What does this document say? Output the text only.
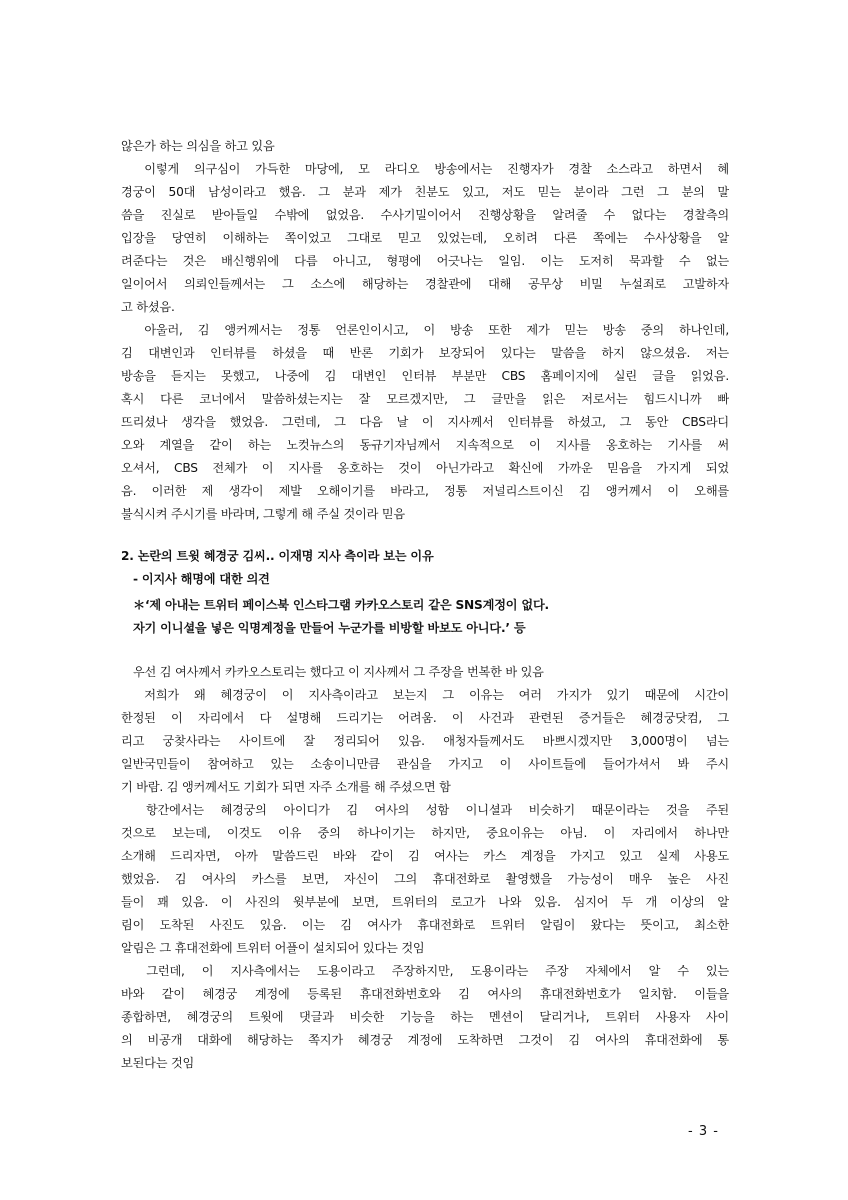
않은가 하는 의심을 하고 있음
　이렇게 의구심이 가득한 마당에, 모 라디오 방송에서는 진행자가 경찰 소스라고 하면서 혜
경궁이 50대 남성이라고 했음. 그 분과 제가 친분도 있고, 저도 믿는 분이라 그런 그 분의 말
씀을 진실로 받아들일 수밖에 없었음. 수사기밀이어서 진행상황을 알려줄 수 없다는 경찰측의
입장을 당연히 이해하는 쪽이었고 그대로 믿고 있었는데, 오히려 다른 쪽에는 수사상황을 알
려준다는 것은 배신행위에 다름 아니고, 형평에 어긋나는 일임. 이는 도저히 묵과할 수 없는
일이어서 의뢰인들께서는 그 소스에 해당하는 경찰관에 대해 공무상 비밀 누설죄로 고발하자
고 하셨음.
　아울러, 김 앵커께서는 정통 언론인이시고, 이 방송 또한 제가 믿는 방송 중의 하나인데,
김 대변인과 인터뷰를 하셨을 때 반론 기회가 보장되어 있다는 말씀을 하지 않으셨음. 저는
방송을 듣지는 못했고, 나중에 김 대변인 인터뷰 부분만 CBS 홈페이지에 실린 글을 읽었음.
혹시 다른 코너에서 말씀하셨는지는 잘 모르겠지만, 그 글만을 읽은 저로서는 힘드시니까 빠
뜨리셨나 생각을 했었음. 그런데, 그 다음 날 이 지사께서 인터뷰를 하셨고, 그 동안 CBS라디
오와 계열을 같이 하는 노컷뉴스의 동규기자님께서 지속적으로 이 지사를 옹호하는 기사를 써
오셔서, CBS 전체가 이 지사를 옹호하는 것이 아닌가라고 확신에 가까운 믿음을 가지게 되었
음. 이러한 제 생각이 제발 오해이기를 바라고, 정통 저널리스트이신 김 앵커께서 이 오해를
불식시켜 주시기를 바라며, 그렇게 해 주실 것이라 믿음
2. 논란의 트윗 혜경궁 김씨.. 이재명 지사 측이라 보는 이유
　- 이지사 해명에 대한 의견
　＊‘제 아내는 트위터 페이스북 인스타그램 카카오스토리 같은 SNS계정이 없다.
　자기 이니셜을 넣은 익명계정을 만들어 누군가를 비방할 바보도 아니다.’ 등
　우선 김 여사께서 카카오스토리는 했다고 이 지사께서 그 주장을 번복한 바 있음
　저희가 왜 혜경궁이 이 지사측이라고 보는지 그 이유는 여러 가지가 있기 때문에 시간이
한정된 이 자리에서 다 설명해 드리기는 어려움. 이 사건과 관련된 증거들은 혜경궁닷컴, 그
리고 궁찾사라는 사이트에 잘 정리되어 있음. 애청자들께서도 바쁘시겠지만 3,000명이 넘는
일반국민들이 참여하고 있는 소송이니만큼 관심을 가지고 이 사이트들에 들어가셔서 봐 주시
기 바람. 김 앵커께서도 기회가 되면 자주 소개를 해 주셨으면 함
　항간에서는 혜경궁의 아이디가 김 여사의 성함 이니셜과 비슷하기 때문이라는 것을 주된
것으로 보는데, 이것도 이유 중의 하나이기는 하지만, 중요이유는 아님. 이 자리에서 하나만
소개해 드리자면, 아까 말씀드린 바와 같이 김 여사는 카스 계정을 가지고 있고 실제 사용도
했었음. 김 여사의 카스를 보면, 자신이 그의 휴대전화로 촬영했을 가능성이 매우 높은 사진
들이 꽤 있음. 이 사진의 윗부분에 보면, 트위터의 로고가 나와 있음. 심지어 두 개 이상의 알
림이 도착된 사진도 있음. 이는 김 여사가 휴대전화로 트위터 알림이 왔다는 뜻이고, 최소한
알림은 그 휴대전화에 트위터 어플이 설치되어 있다는 것임
　그런데, 이 지사측에서는 도용이라고 주장하지만, 도용이라는 주장 자체에서 알 수 있는
바와 같이 혜경궁 계정에 등록된 휴대전화번호와 김 여사의 휴대전화번호가 일치함. 이들을
종합하면, 혜경궁의 트윗에 댓글과 비슷한 기능을 하는 멘션이 달리거나, 트위터 사용자 사이
의 비공개 대화에 해당하는 쪽지가 혜경궁 계정에 도착하면 그것이 김 여사의 휴대전화에 통
보된다는 것임
- 3 -
